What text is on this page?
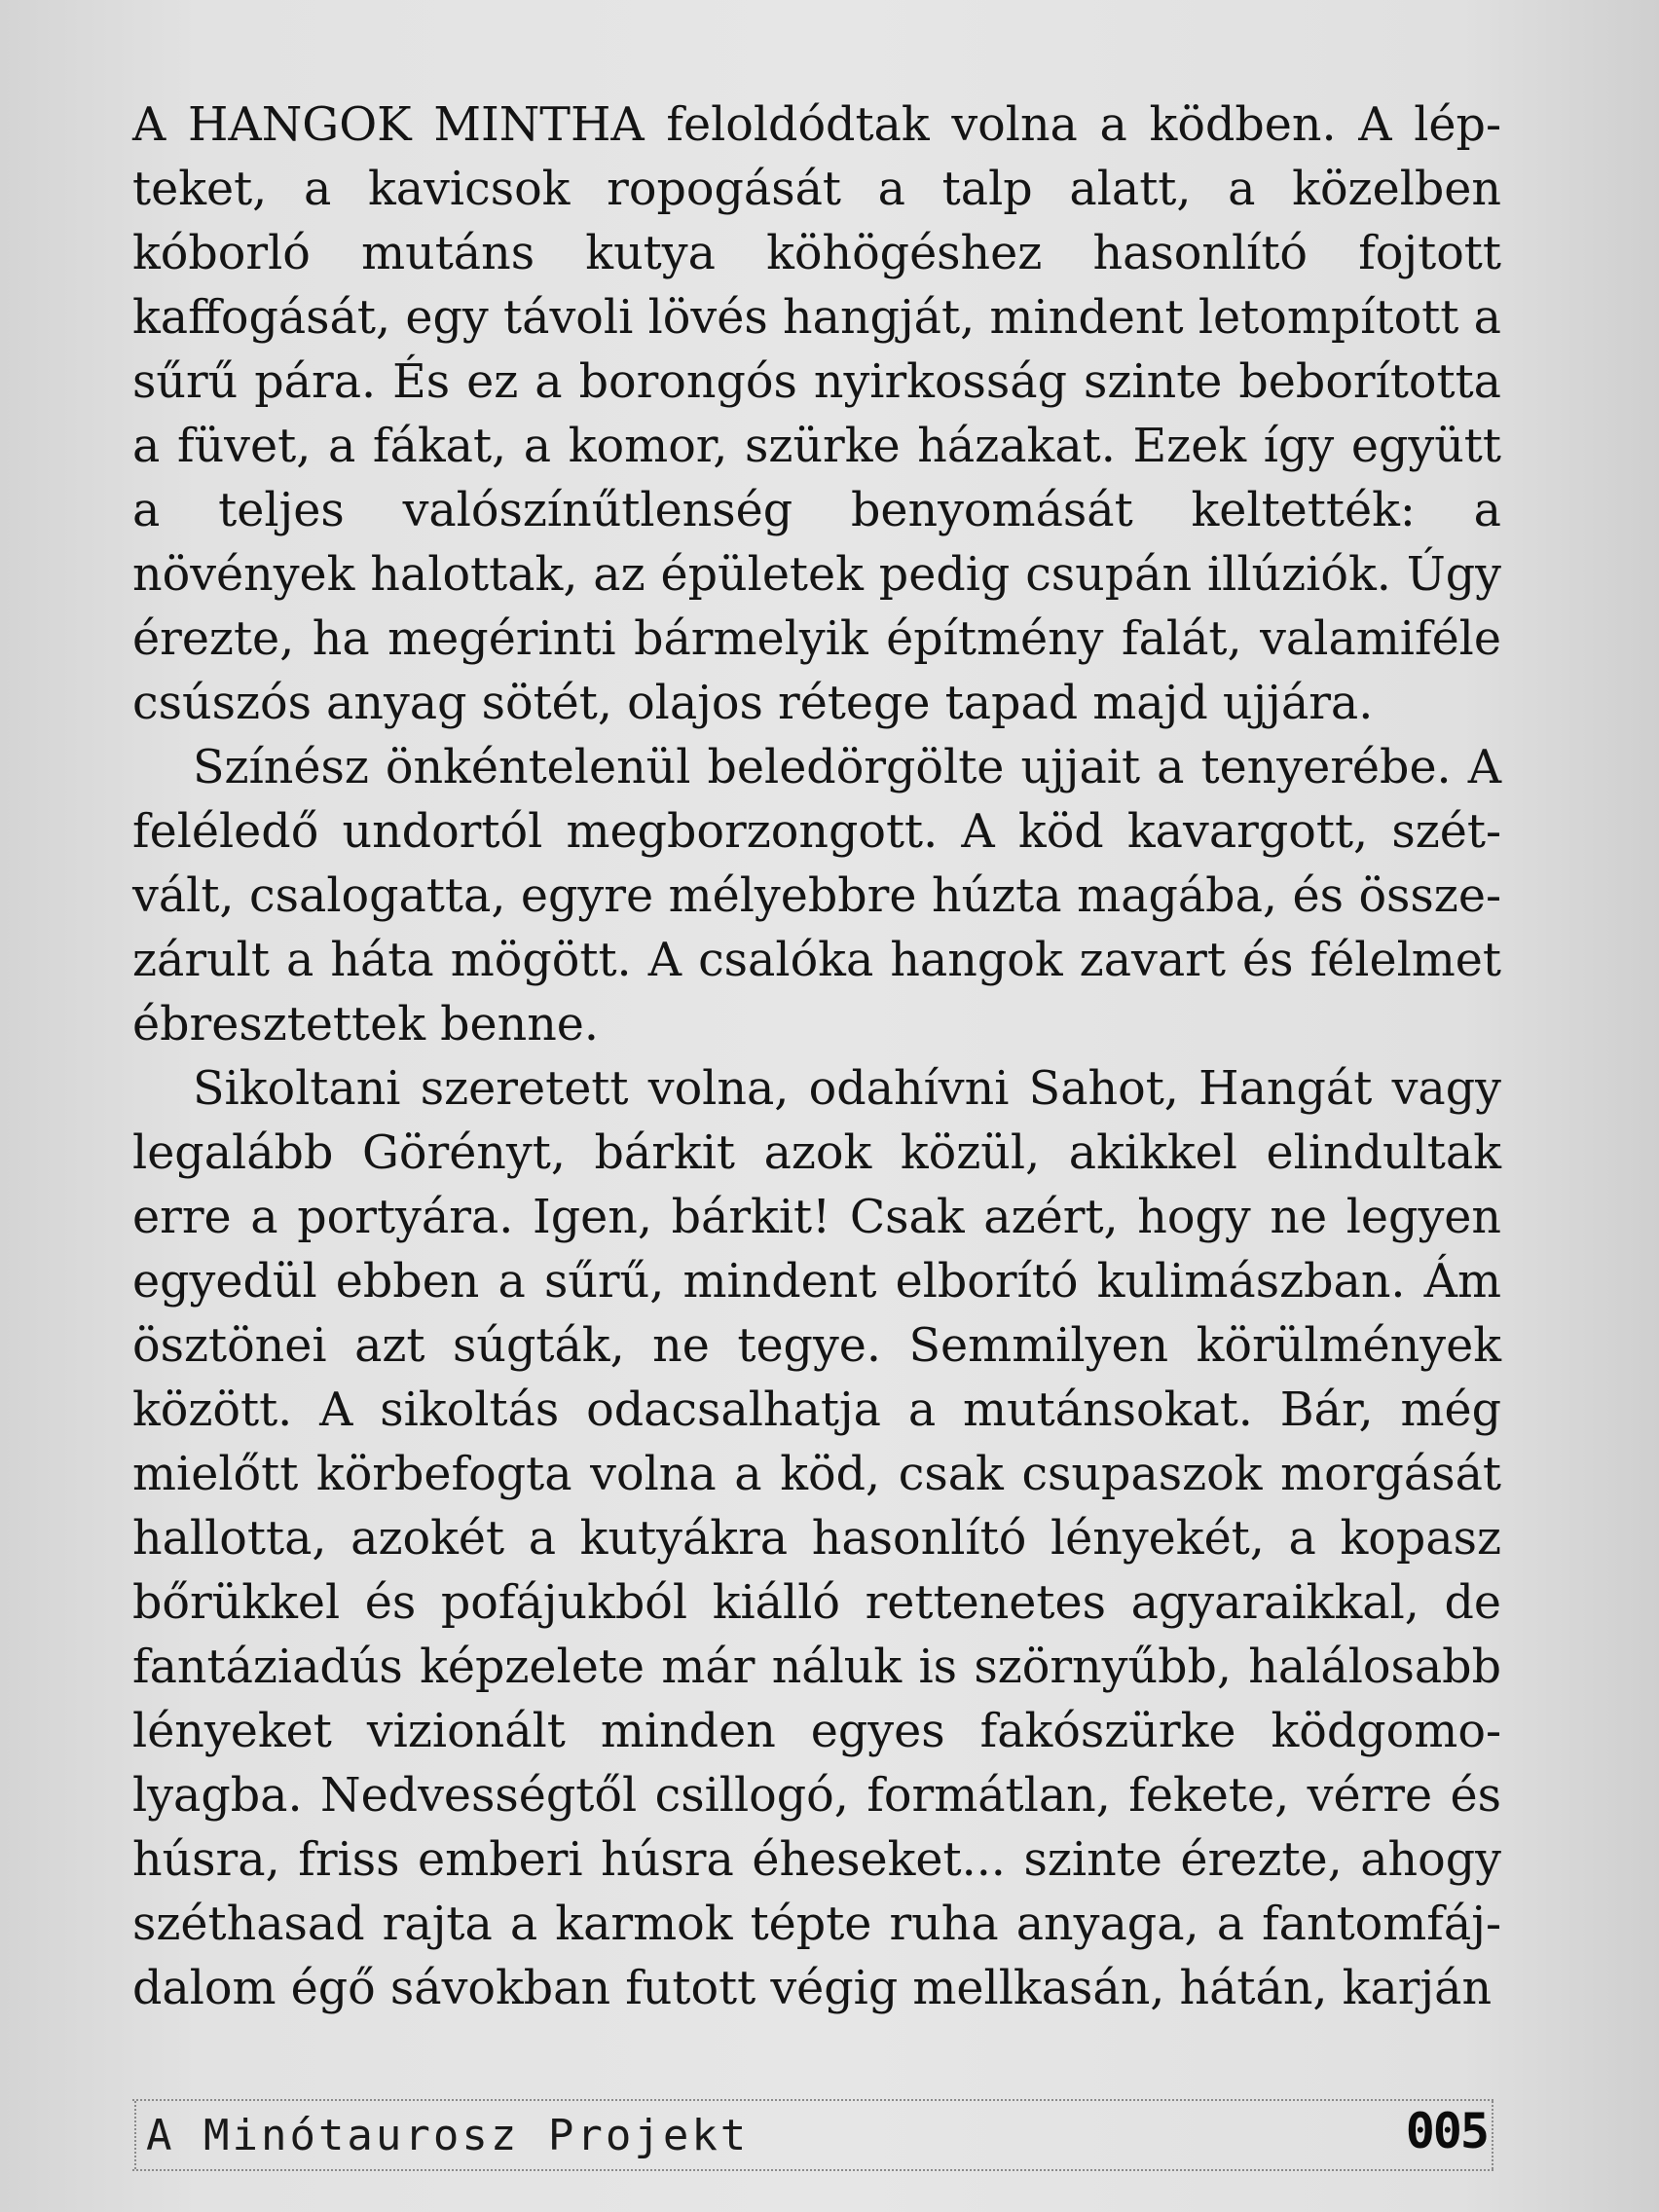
A HANGOK MINTHA feloldódtak volna a ködben. A lépteket, a kavicsok ropogását a talp alatt, a közelben kóborló mutáns kutya köhögéshez hasonlító fojtott kaffogását, egy távoli lövés hangját, mindent letompított a sűrű pára. És ez a borongós nyirkosság szinte beborította a füvet, a fákat, a komor, szürke házakat. Ezek így együtt a teljes valószínűtlenség benyomását keltették: a növények halottak, az épületek pedig csupán illúziók. Úgy érezte, ha megérinti bármelyik építmény falát, valamiféle csúszós anyag sötét, olajos rétege tapad majd ujjára.

Színész önkéntelenül beledörgölte ujjait a tenyerébe. A feléledő undortól megborzongott. A köd kavargott, szétvált, csalogatta, egyre mélyebbre húzta magába, és összezárult a háta mögött. A csalóka hangok zavart és félelmet ébresztettek benne.

Sikoltani szeretett volna, odahívni Sahot, Hangát vagy legalább Görényt, bárkit azok közül, akikkel elindultak erre a portyára. Igen, bárkit! Csak azért, hogy ne legyen egyedül ebben a sűrű, mindent elborító kulimászban. Ám ösztönei azt súgták, ne tegye. Semmilyen körülmények között. A sikoltás odacsalhatja a mutánsokat. Bár, még mielőtt körbefogta volna a köd, csak csupaszok morgását hallotta, azokét a kutyákra hasonlító lényekét, a kopasz bőrükkel és pofájukból kiálló rettenetes agyaraikkal, de fantáziadús képzelete már náluk is szörnyűbb, halálosabb lényeket vizionált minden egyes fakószürke ködgomolyagba. Nedvességtől csillogó, formátlan, fekete, vérre és húsra, friss emberi húsra éheseket... szinte érezte, ahogy széthasad rajta a karmok tépte ruha anyaga, a fantomfájdalom égő sávokban futott végig mellkasán, hátán, karján

A Minótaurosz Projekt	005
